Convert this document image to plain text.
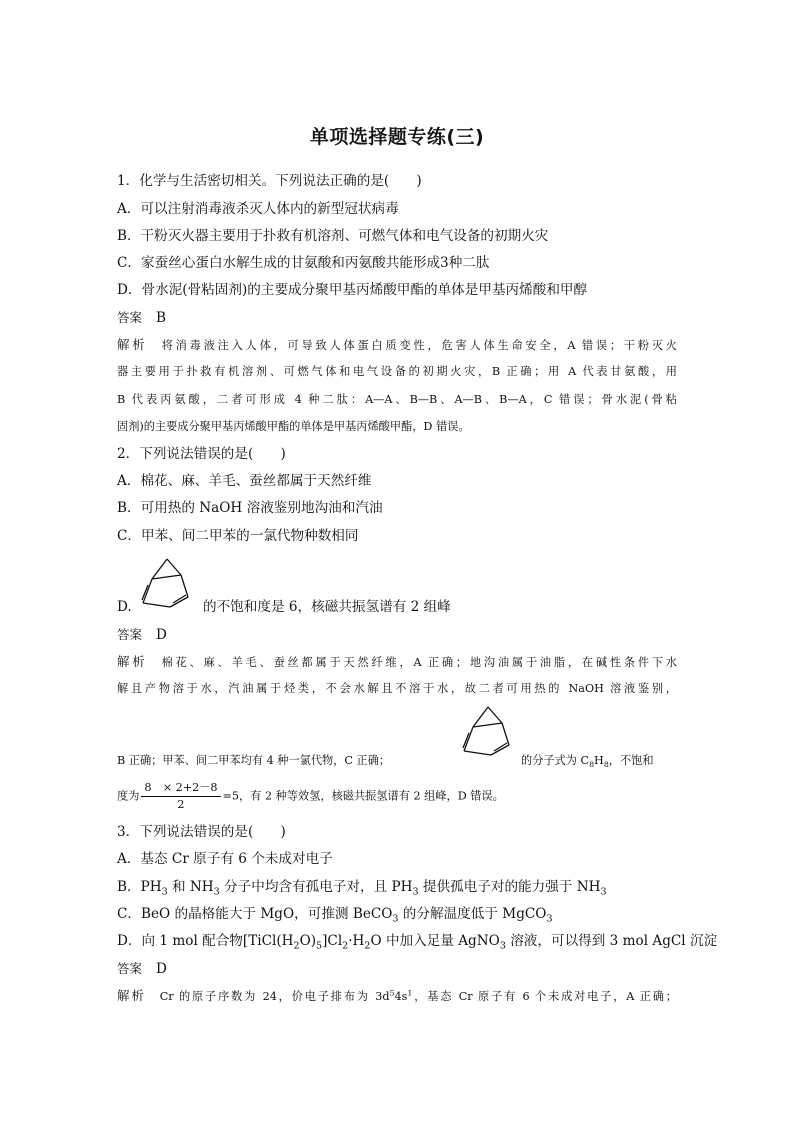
单项选择题专练(三)
1．化学与生活密切相关。下列说法正确的是(　　)
A．可以注射消毒液杀灭人体内的新型冠状病毒
B．干粉灭火器主要用于扑救有机溶剂、可燃气体和电气设备的初期火灾
C．家蚕丝心蛋白水解生成的甘氨酸和丙氨酸共能形成3种二肽
D．骨水泥(骨粘固剂)的主要成分聚甲基丙烯酸甲酯的单体是甲基丙烯酸和甲醇
答案 B
解析 将消毒液注入人体，可导致人体蛋白质变性，危害人体生命安全，A 错误；干粉灭火
器主要用于扑救有机溶剂、可燃气体和电气设备的初期火灾，B 正确；用 A 代表甘氨酸，用
B 代表丙氨酸，二者可形成 4 种二肽：A—A、B—B、A—B、B—A，C 错误；骨水泥(骨粘
固剂)的主要成分聚甲基丙烯酸甲酯的单体是甲基丙烯酸甲酯，D 错误。
2．下列说法错误的是(　　)
A．棉花、麻、羊毛、蚕丝都属于天然纤维
B．可用热的 NaOH 溶液鉴别地沟油和汽油
C．甲苯、间二甲苯的一氯代物种数相同
D.	的不饱和度是 6，核磁共振氢谱有 2 组峰
答案 D
解析 棉花、麻、羊毛、蚕丝都属于天然纤维，A 正确；地沟油属于油脂，在碱性条件下水
解且产物溶于水，汽油属于烃类，不会水解且不溶于水，故二者可用热的 NaOH 溶液鉴别，
B 正确；甲苯、间二甲苯均有 4 种一氯代物，C 正确；	的分子式为 $C_8H_8$，不饱和
度为 $\frac{8 \times 2+2-8}{2} =5$，有 2 种等效氢，核磁共振氢谱有 2 组峰，D 错误。
3．下列说法错误的是(　　)
A．基态 Cr 原子有 6 个未成对电子
B．$PH_3$ 和 $NH_3$ 分子中均含有孤电子对，且 $PH_3$ 提供孤电子对的能力强于 $NH_3$
C．BeO 的晶格能大于 MgO，可推测 BeCO$_3$ 的分解温度低于 MgCO$_3$
D．向 1 mol 配合物$[TiCl(H_2O)_5]Cl_2\cdot H_2O$ 中加入足量 AgNO$_3$ 溶液，可以得到 3 mol AgCl 沉淀
答案 D
解析 Cr 的原子序数为 24，价电子排布为 $3d^54s^1$，基态 Cr 原子有 6 个未成对电子，A 正确；
